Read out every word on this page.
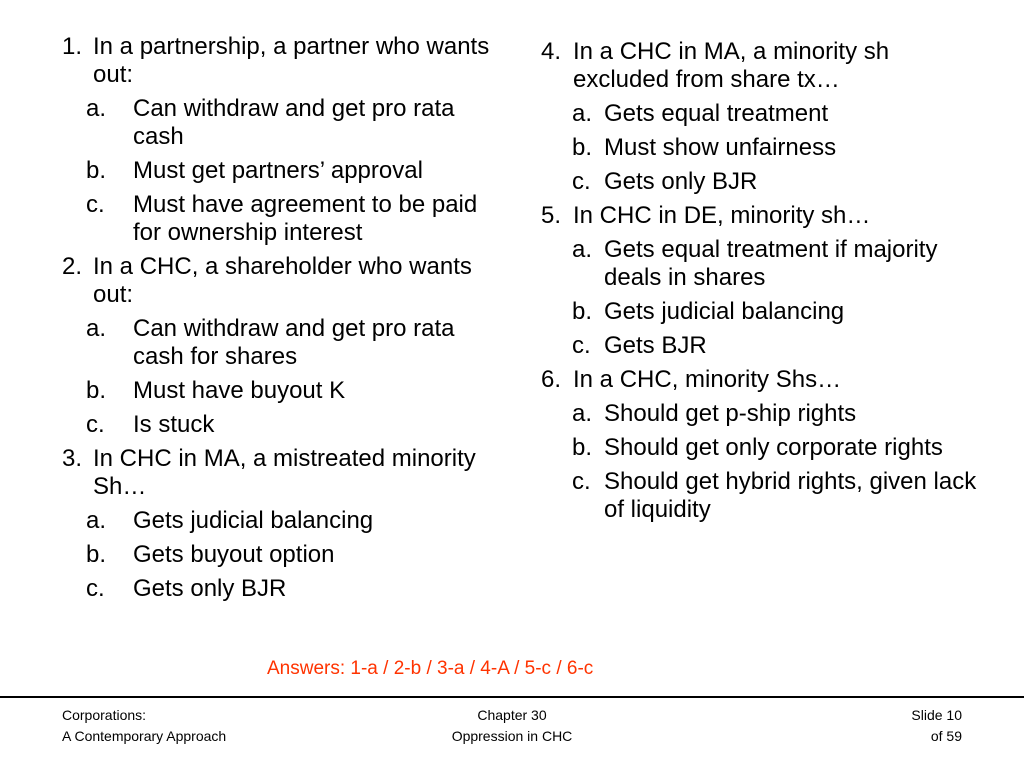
1. In a partnership, a partner who wants out:
a.	Can withdraw and get pro rata cash
b.	Must get partners’ approval
c.	Must have agreement to be paid for ownership interest
2. In a CHC, a shareholder who wants out:
a.	Can withdraw and get pro rata cash for shares
b.	Must have buyout K
c.	Is stuck
3. In CHC in MA, a mistreated minority Sh…
a.	Gets judicial balancing
b.	Gets buyout option
c.	Gets only BJR
4. In a CHC in MA, a minority sh excluded from share tx…
a. Gets equal treatment
b. Must show unfairness
c. Gets only BJR
5. In CHC in DE, minority sh…
a. Gets equal treatment if majority deals in shares
b. Gets judicial balancing
c. Gets BJR
6. In a CHC, minority Shs…
a. Should get p-ship rights
b. Should get only corporate rights
c. Should get hybrid rights, given lack of liquidity
Answers: 1-a / 2-b / 3-a / 4-A / 5-c / 6-c
Corporations:
A Contemporary Approach
Chapter 30
Oppression in CHC
Slide 10
of 59
